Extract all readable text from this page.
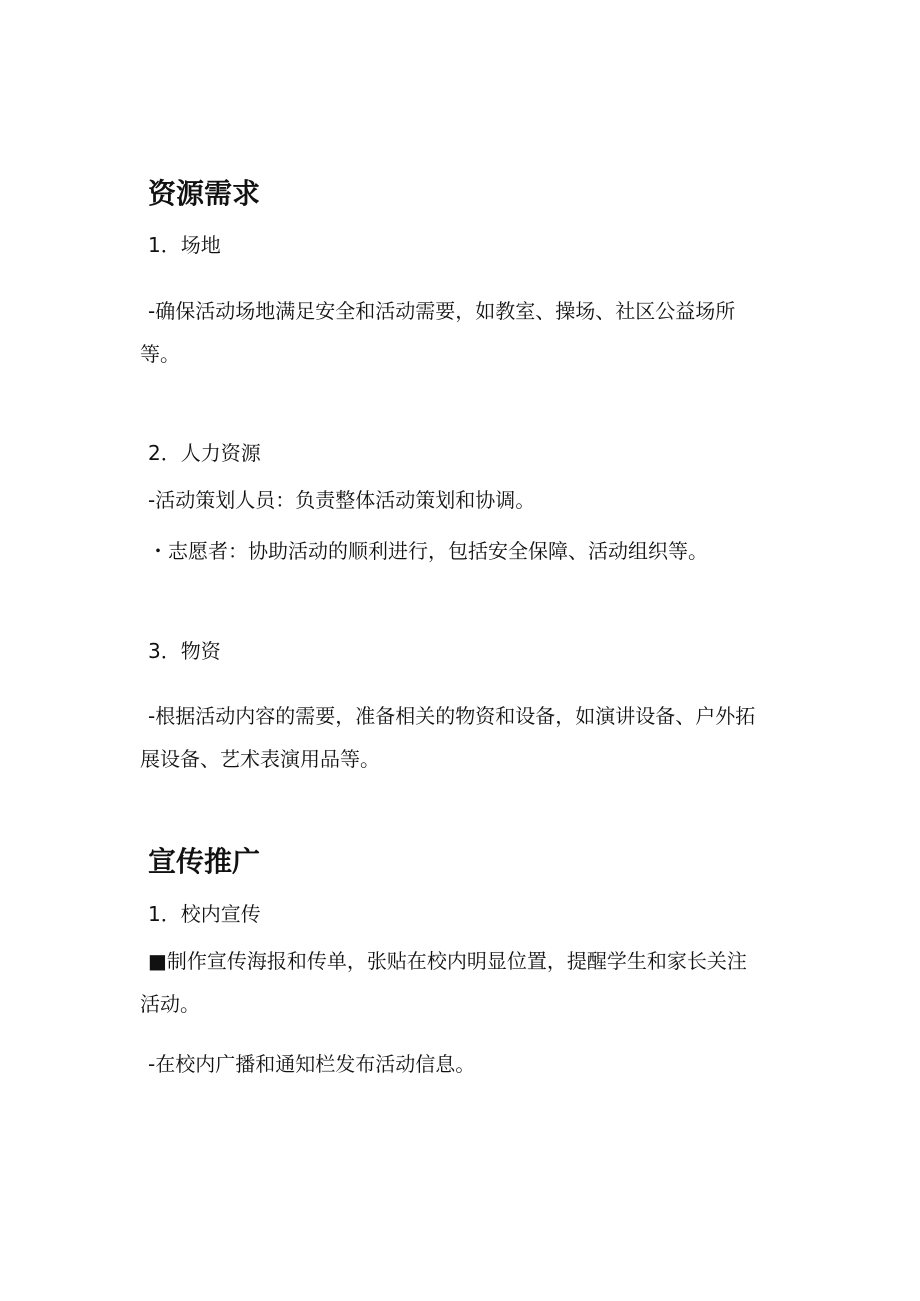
资源需求
1．场地
-确保活动场地满足安全和活动需要，如教室、操场、社区公益场所
等。
2．人力资源
-活动策划人员：负责整体活动策划和协调。
・志愿者：协助活动的顺利进行，包括安全保障、活动组织等。
3．物资
-根据活动内容的需要，准备相关的物资和设备，如演讲设备、户外拓
展设备、艺术表演用品等。
宣传推广
1．校内宣传
■制作宣传海报和传单，张贴在校内明显位置，提醒学生和家长关注
活动。
-在校内广播和通知栏发布活动信息。
